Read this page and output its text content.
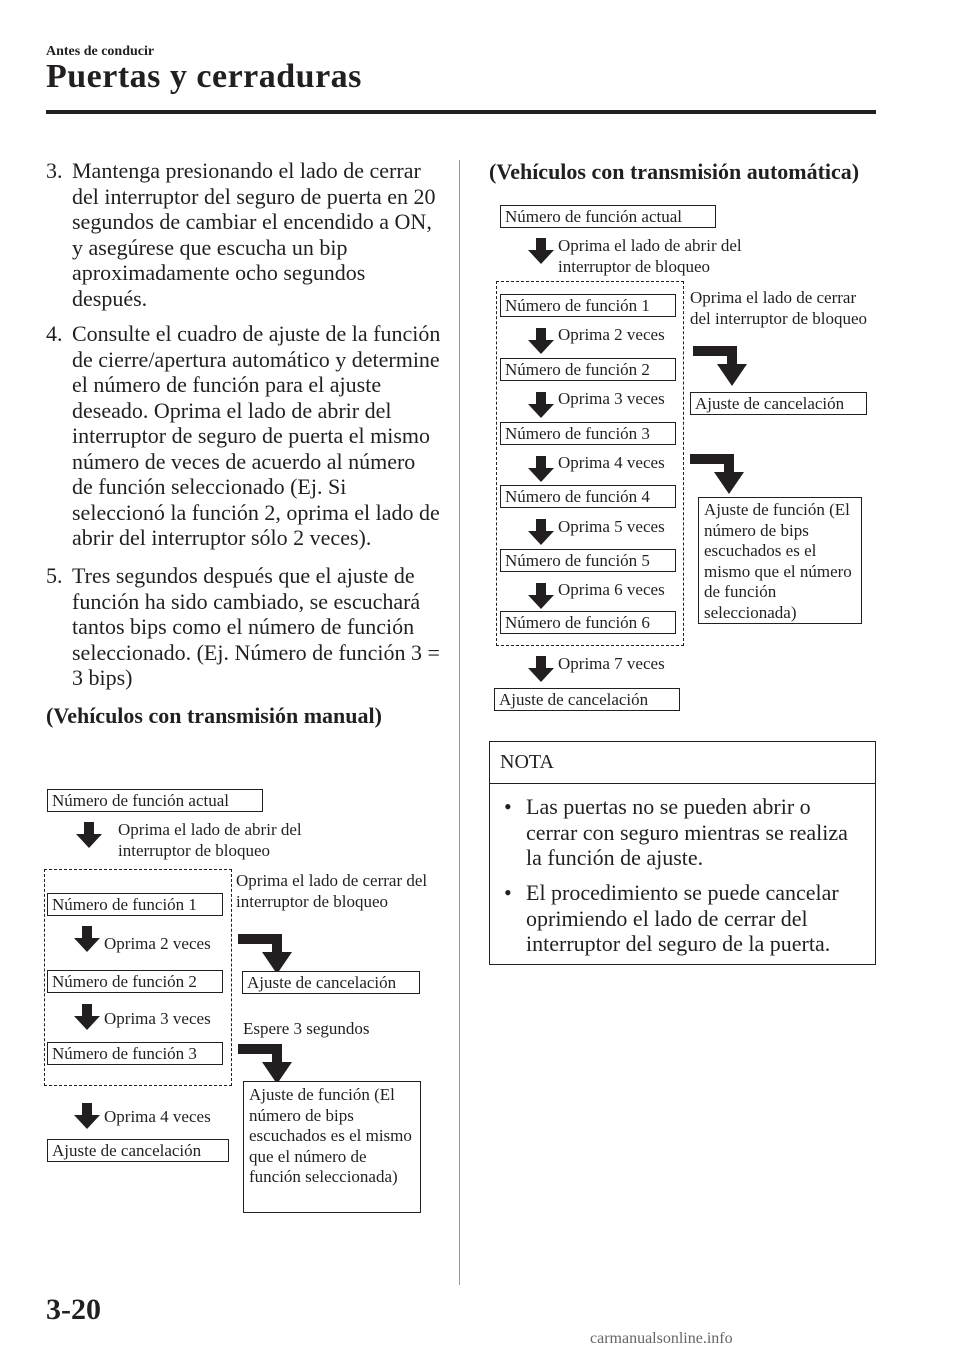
Antes de conducir
Puertas y cerraduras
3. Mantenga presionando el lado de cerrar del interruptor del seguro de puerta en 20 segundos de cambiar el encendido a ON, y asegúrese que escucha un bip aproximadamente ocho segundos después.
4. Consulte el cuadro de ajuste de la función de cierre/apertura automático y determine el número de función para el ajuste deseado. Oprima el lado de abrir del interruptor de seguro de puerta el mismo número de veces de acuerdo al número de función seleccionado (Ej. Si seleccionó la función 2, oprima el lado de abrir del interruptor sólo 2 veces).
5. Tres segundos después que el ajuste de función ha sido cambiado, se escuchará tantos bips como el número de función seleccionado. (Ej. Número de función 3 = 3 bips)
(Vehículos con transmisión manual)
Número de función actual
Oprima el lado de abrir del interruptor de bloqueo
Número de función 1
Oprima 2 veces
Número de función 2
Oprima 3 veces
Número de función 3
Oprima 4 veces
Ajuste de cancelación
Oprima el lado de cerrar del interruptor de bloqueo
Ajuste de cancelación
Espere 3 segundos
Ajuste de función (El número de bips escuchados es el mismo que el número de función seleccionada)
(Vehículos con transmisión automática)
Número de función actual
Oprima el lado de abrir del interruptor de bloqueo
Número de función 1
Oprima 2 veces
Número de función 2
Oprima 3 veces
Número de función 3
Oprima 4 veces
Número de función 4
Oprima 5 veces
Número de función 5
Oprima 6 veces
Número de función 6
Oprima 7 veces
Ajuste de cancelación
Oprima el lado de cerrar del interruptor de bloqueo
Ajuste de cancelación
Ajuste de función (El número de bips escuchados es el mismo que el número de función seleccionada)
NOTA
• Las puertas no se pueden abrir o cerrar con seguro mientras se realiza la función de ajuste.
• El procedimiento se puede cancelar oprimiendo el lado de cerrar del interruptor del seguro de la puerta.
3-20
carmanualsonline.info
